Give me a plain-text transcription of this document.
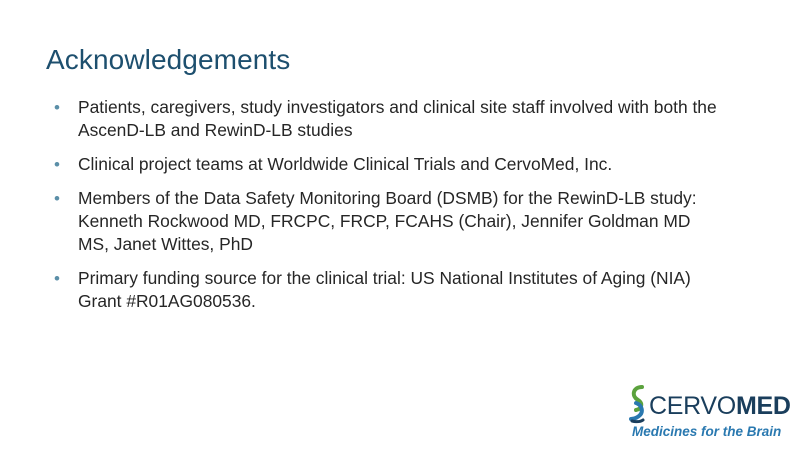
Acknowledgements
• Patients, caregivers, study investigators and clinical site staff involved with both the AscenD-LB and RewinD-LB studies
• Clinical project teams at Worldwide Clinical Trials and CervoMed, Inc.
• Members of the Data Safety Monitoring Board (DSMB) for the RewinD-LB study: Kenneth Rockwood MD, FRCPC, FRCP, FCAHS (Chair), Jennifer Goldman MD MS, Janet Wittes, PhD
• Primary funding source for the clinical trial: US National Institutes of Aging (NIA) Grant #R01AG080536.
CERVOMED
Medicines for the Brain
